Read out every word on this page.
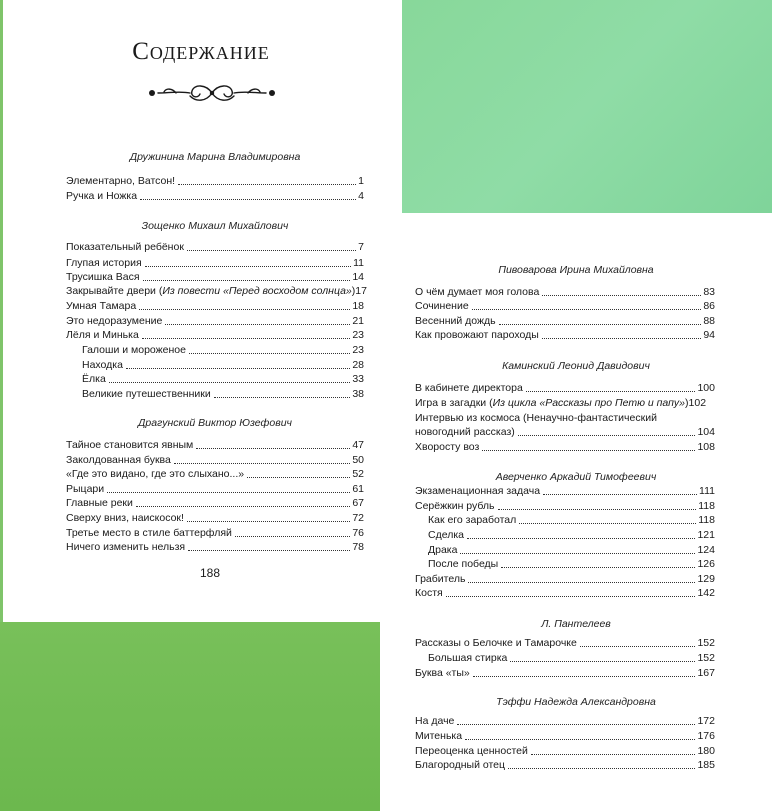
Содержание
Дружинина Марина Владимировна
Элементарно, Ватсон!	1
Ручка и Ножка	4
Зощенко Михаил Михайлович
Показательный ребёнок	7
Глупая история	11
Трусишка Вася	14
Закрывайте двери (Из повести «Перед восходом солнца») 17
Умная Тамара	18
Это недоразумение	21
Лёля и Минька	23
Галоши и мороженое	23
Находка	28
Ёлка	33
Великие путешественники	38
Драгунский Виктор Юзефович
Тайное становится явным	47
Заколдованная буква	50
«Где это видано, где это слыхано...»	52
Рыцари	61
Главные реки	67
Сверху вниз, наискосок!	72
Третье место в стиле баттерфляй	76
Ничего изменить нельзя	78
188
Пивоварова Ирина Михайловна
О чём думает моя голова	83
Сочинение	86
Весенний дождь	88
Как провожают пароходы	94
Каминский Леонид Давидович
В кабинете директора	100
Игра в загадки (Из цикла «Рассказы про Петю и папу») 102
Интервью из космоса (Ненаучно-фантастический
новогодний рассказ)	104
Хворосту воз	108
Аверченко Аркадий Тимофеевич
Экзаменационная задача	111
Серёжкин рубль	118
Как его заработал	118
Сделка	121
Драка	124
После победы	126
Грабитель	129
Костя	142
Л. Пантелеев
Рассказы о Белочке и Тамарочке	152
Большая стирка	152
Буква «ты»	167
Тэффи Надежда Александровна
На даче	172
Митенька	176
Переоценка ценностей	180
Благородный отец	185
